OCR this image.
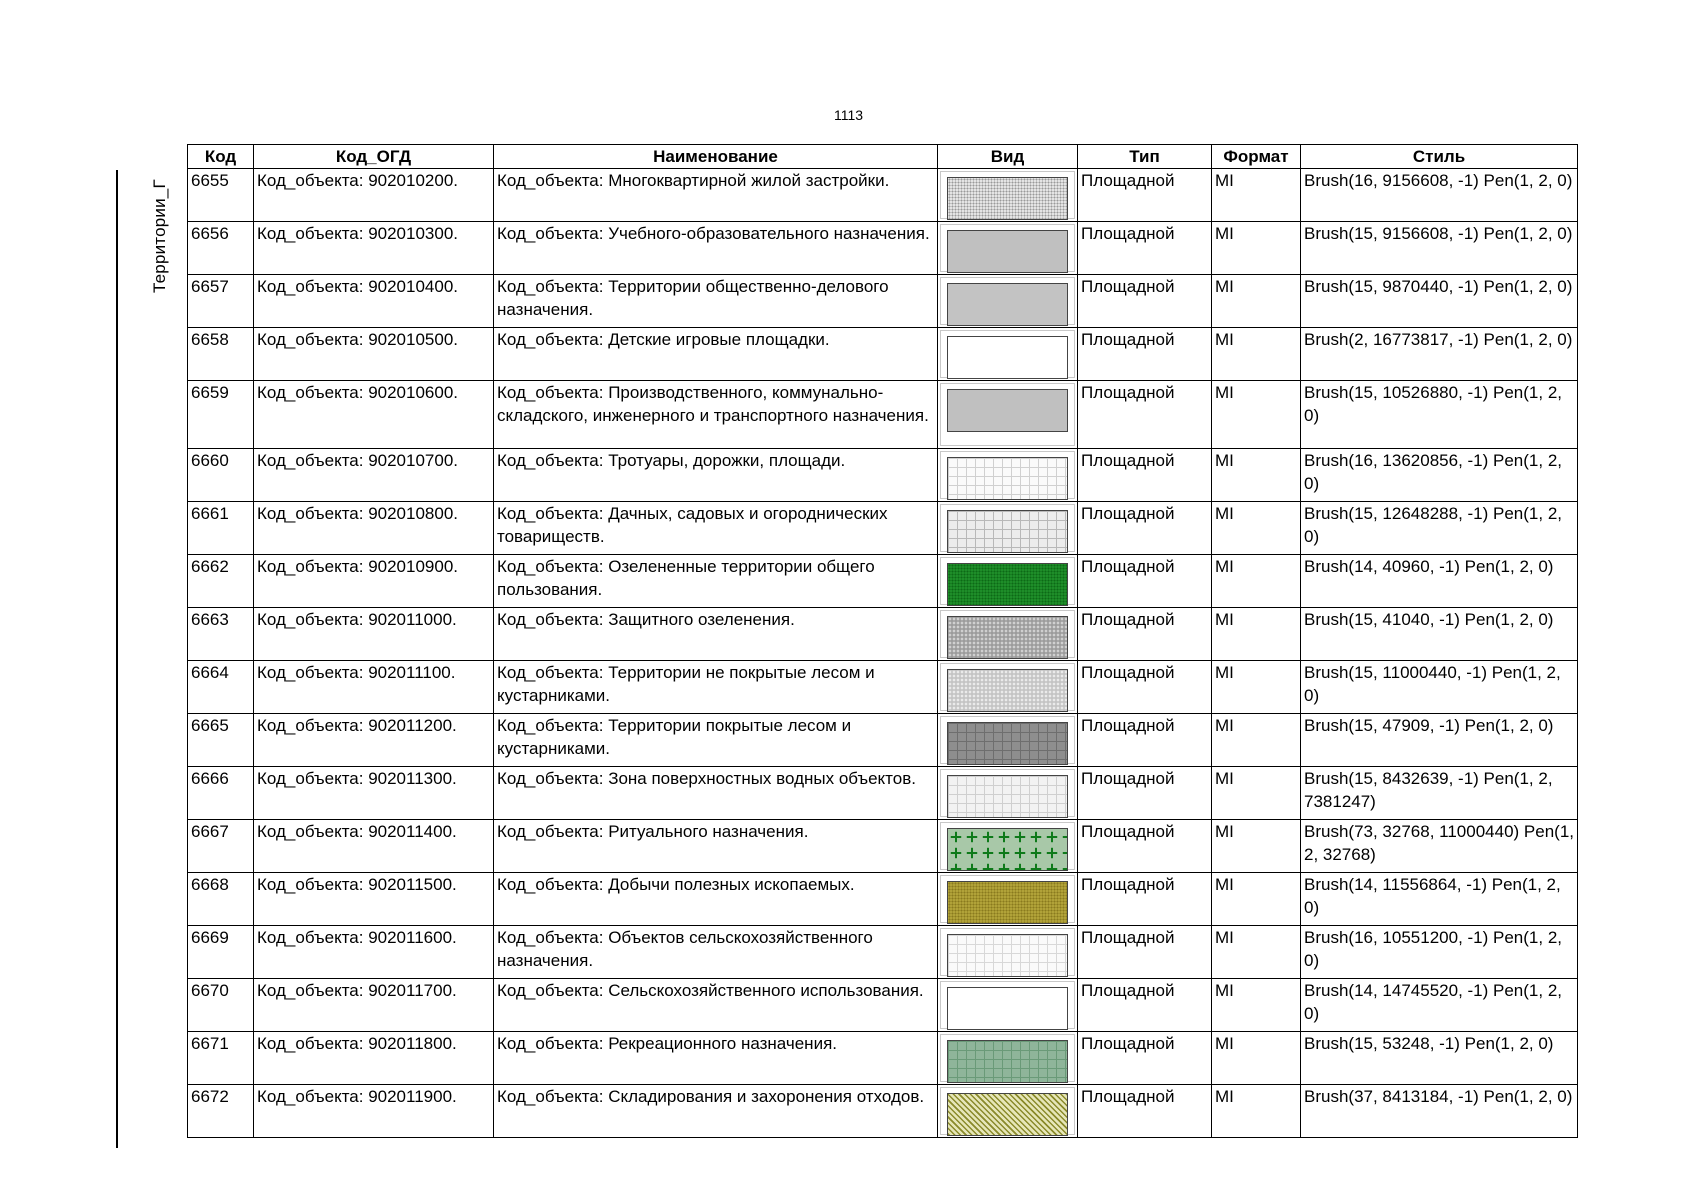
1113
Территории_Г
Код	Код_ОГД	Наименование	Вид	Тип	Формат	Стиль
6655	Код_объекта: 902010200.	Код_объекта: Многоквартирной жилой застройки.		Площадной	MI	Brush(16, 9156608, -1) Pen(1, 2, 0)
6656	Код_объекта: 902010300.	Код_объекта: Учебного-образовательного назначения.		Площадной	MI	Brush(15, 9156608, -1) Pen(1, 2, 0)
6657	Код_объекта: 902010400.	Код_объекта: Территории общественно-делового назначения.		Площадной	MI	Brush(15, 9870440, -1) Pen(1, 2, 0)
6658	Код_объекта: 902010500.	Код_объекта: Детские игровые площадки.		Площадной	MI	Brush(2, 16773817, -1) Pen(1, 2, 0)
6659	Код_объекта: 902010600.	Код_объекта: Производственного, коммунально-складского, инженерного и транспортного назначения.		Площадной	MI	Brush(15, 10526880, -1) Pen(1, 2, 0)
6660	Код_объекта: 902010700.	Код_объекта: Тротуары, дорожки, площади.		Площадной	MI	Brush(16, 13620856, -1) Pen(1, 2, 0)
6661	Код_объекта: 902010800.	Код_объекта: Дачных, садовых и огороднических товариществ.		Площадной	MI	Brush(15, 12648288, -1) Pen(1, 2, 0)
6662	Код_объекта: 902010900.	Код_объекта: Озелененные территории общего пользования.		Площадной	MI	Brush(14, 40960, -1) Pen(1, 2, 0)
6663	Код_объекта: 902011000.	Код_объекта: Защитного озеленения.		Площадной	MI	Brush(15, 41040, -1) Pen(1, 2, 0)
6664	Код_объекта: 902011100.	Код_объекта: Территории не покрытые лесом и кустарниками.		Площадной	MI	Brush(15, 11000440, -1) Pen(1, 2, 0)
6665	Код_объекта: 902011200.	Код_объекта: Территории покрытые лесом и кустарниками.		Площадной	MI	Brush(15, 47909, -1) Pen(1, 2, 0)
6666	Код_объекта: 902011300.	Код_объекта: Зона поверхностных водных объектов.		Площадной	MI	Brush(15, 8432639, -1) Pen(1, 2, 7381247)
6667	Код_объекта: 902011400.	Код_объекта: Ритуального назначения.		Площадной	MI	Brush(73, 32768, 11000440) Pen(1, 2, 32768)
6668	Код_объекта: 902011500.	Код_объекта: Добычи полезных ископаемых.		Площадной	MI	Brush(14, 11556864, -1) Pen(1, 2, 0)
6669	Код_объекта: 902011600.	Код_объекта: Объектов сельскохозяйственного назначения.		Площадной	MI	Brush(16, 10551200, -1) Pen(1, 2, 0)
6670	Код_объекта: 902011700.	Код_объекта: Сельскохозяйственного использования.		Площадной	MI	Brush(14, 14745520, -1) Pen(1, 2, 0)
6671	Код_объекта: 902011800.	Код_объекта: Рекреационного назначения.		Площадной	MI	Brush(15, 53248, -1) Pen(1, 2, 0)
6672	Код_объекта: 902011900.	Код_объекта: Складирования и захоронения отходов.		Площадной	MI	Brush(37, 8413184, -1) Pen(1, 2, 0)
